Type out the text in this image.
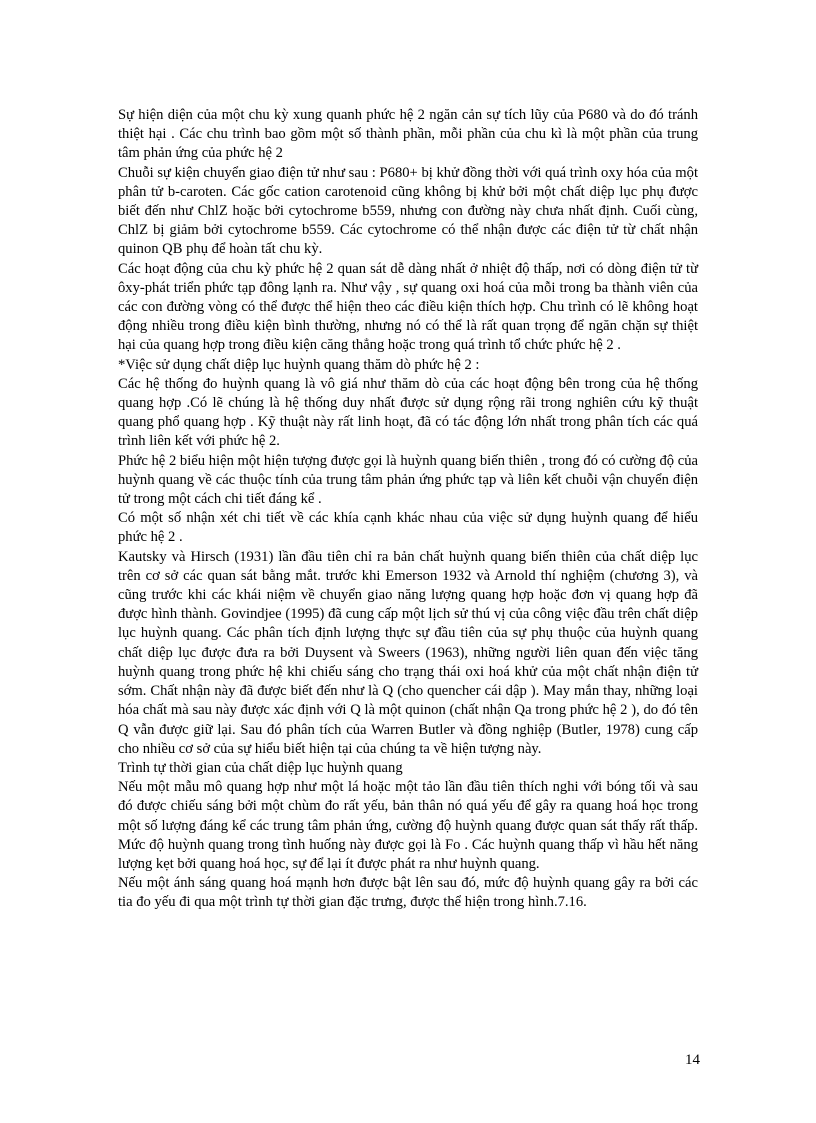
Sự hiện diện của một chu kỳ xung quanh phức hệ 2 ngăn cản sự tích lũy của P680 và do đó tránh thiệt hại . Các chu trình bao gồm một số thành phần, mỗi phần của chu kì là một phần của trung tâm phản ứng của phức hệ 2

Chuỗi sự kiện chuyển giao điện tử như sau : P680+ bị khử đồng thời với quá trình oxy hóa của một phân tử b-caroten. Các gốc cation carotenoid cũng không bị khử bởi một chất diệp lục phụ được biết đến như ChlZ hoặc bởi cytochrome b559, nhưng con đường này chưa nhất định. Cuối cùng, ChlZ bị giảm bởi cytochrome b559. Các cytochrome có thể nhận được các điện tử từ chất nhận quinon QB phụ để hoàn tất chu kỳ.

Các hoạt động của chu kỳ phức hệ 2 quan sát dễ dàng nhất ở nhiệt độ thấp, nơi có dòng điện tử từ ôxy-phát triển phức tạp đông lạnh ra. Như vậy , sự quang oxi hoá của mỗi trong ba thành viên của các con đường vòng có thể được thể hiện theo các điều kiện thích hợp. Chu trình có lẽ không hoạt động nhiều trong điều kiện bình thường, nhưng nó có thể là rất quan trọng để ngăn chặn sự thiệt hại của quang hợp trong điều kiện căng thẳng hoặc trong quá trình tổ chức phức hệ 2 .

*Việc sử dụng chất diệp lục huỳnh quang thăm dò phức hệ 2 :

Các hệ thống đo huỳnh quang là vô giá như thăm dò của các hoạt động bên trong của hệ thống quang hợp .Có lẽ chúng là hệ thống duy nhất được sử dụng rộng rãi trong nghiên cứu kỹ thuật quang phổ quang hợp . Kỹ thuật này rất linh hoạt, đã có tác động lớn nhất trong phân tích các quá trình liên kết với phức hệ 2.

Phức hệ 2 biểu hiện một hiện tượng được gọi là huỳnh quang biến thiên , trong đó có cường độ của huỳnh quang về các thuộc tính của trung tâm phản ứng phức tạp và liên kết chuỗi vận chuyển điện tử trong một cách chi tiết đáng kể .

Có một số nhận xét chi tiết về các khía cạnh khác nhau của việc sử dụng huỳnh quang để hiểu phức hệ 2 .

Kautsky và Hirsch (1931) lần đầu tiên chỉ ra bản chất huỳnh quang biến thiên của chất diệp lục trên cơ sở các quan sát bằng mắt. trước khi Emerson 1932 và Arnold thí nghiệm (chương 3), và cũng trước khi các khái niệm về chuyển giao năng lượng quang hợp hoặc đơn vị quang hợp đã được hình thành. Govindjee (1995) đã cung cấp một lịch sử thú vị của công việc đầu trên chất diệp lục huỳnh quang. Các phân tích định lượng thực sự đầu tiên của sự phụ thuộc của huỳnh quang chất diệp lục được đưa ra bởi Duysent và Sweers (1963), những người liên quan đến việc tăng huỳnh quang trong phức hệ khi chiếu sáng cho trạng thái oxi hoá khử của một chất nhận điện tử sớm. Chất nhận này đã được biết đến như là Q (cho quencher cái dập ). May mắn thay, những loại hóa chất mà sau này được xác định với Q là một quinon (chất nhận Qa trong phức hệ 2 ), do đó tên Q vẫn được giữ lại. Sau đó phân tích của Warren Butler và đồng nghiệp (Butler, 1978) cung cấp cho nhiều cơ sở của sự hiểu biết hiện tại của chúng ta về hiện tượng này.

Trình tự thời gian của chất diệp lục huỳnh quang

Nếu một mẫu mô quang hợp như một lá hoặc một tảo lần đầu tiên thích nghi với bóng tối và sau đó được chiếu sáng bởi một chùm đo rất yếu, bản thân nó quá yếu để gây ra quang hoá học trong một số lượng đáng kể các trung tâm phản ứng, cường độ huỳnh quang được quan sát thấy rất thấp. Mức độ huỳnh quang trong tình huống này được gọi là Fo . Các huỳnh quang thấp vì hầu hết năng lượng kẹt bởi quang hoá học, sự để lại ít được phát ra như huỳnh quang.

Nếu một ánh sáng quang hoá mạnh hơn được bật lên sau đó, mức độ huỳnh quang gây ra bởi các tia đo yếu đi qua một trình tự thời gian đặc trưng, được thể hiện trong hình.7.16.

14
